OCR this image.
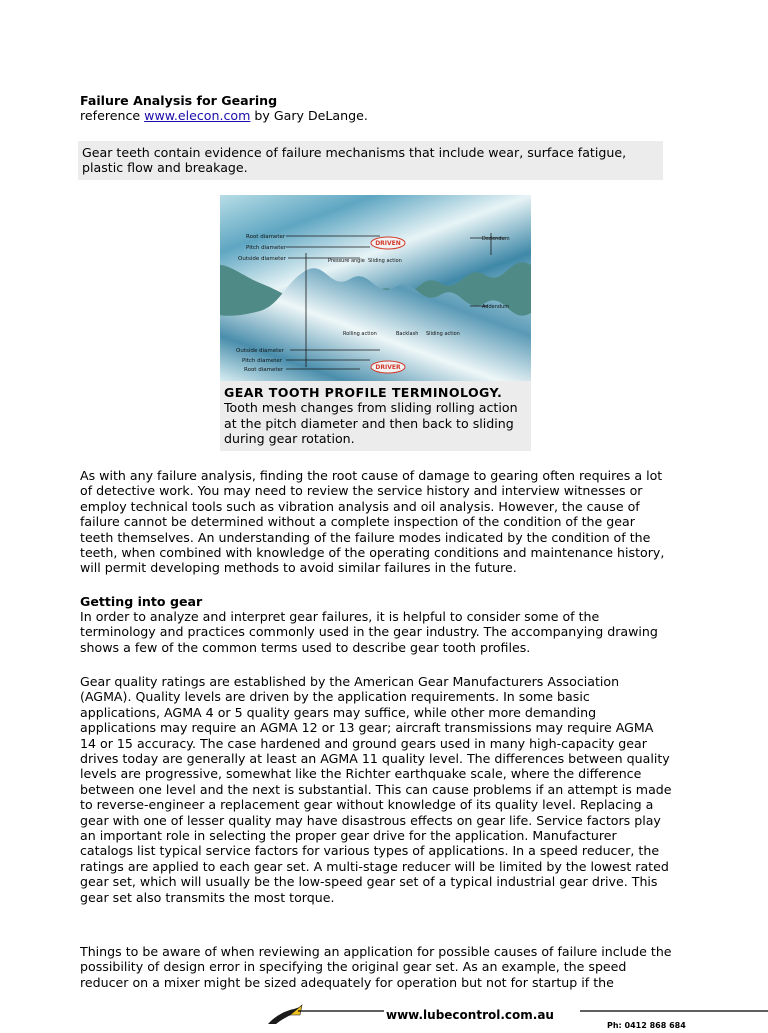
Failure Analysis for Gearing

reference www.elecon.com by Gary DeLange.

Gear teeth contain evidence of failure mechanisms that include wear, surface fatigue, plastic flow and breakage.
Root diameter
Pitch diameter
Outside diameter
DRIVEN
Pressure angle Sliding action
Dedendum
Addendum
Rolling action	Backlash Sliding action
DRIVER
Outside diameter
Pitch diameter
Root diameter
GEAR TOOTH PROFILE TERMINOLOGY.
Tooth mesh changes from sliding rolling action at the pitch diameter and then back to sliding during gear rotation.

As with any failure analysis, finding the root cause of damage to gearing often requires a lot of detective work. You may need to review the service history and interview witnesses or employ technical tools such as vibration analysis and oil analysis. However, the cause of failure cannot be determined without a complete inspection of the condition of the gear teeth themselves. An understanding of the failure modes indicated by the condition of the teeth, when combined with knowledge of the operating conditions and maintenance history, will permit developing methods to avoid similar failures in the future.

Getting into gear

In order to analyze and interpret gear failures, it is helpful to consider some of the terminology and practices commonly used in the gear industry. The accompanying drawing shows a few of the common terms used to describe gear tooth profiles.

Gear quality ratings are established by the American Gear Manufacturers Association (AGMA). Quality levels are driven by the application requirements. In some basic applications, AGMA 4 or 5 quality gears may suffice, while other more demanding applications may require an AGMA 12 or 13 gear; aircraft transmissions may require AGMA 14 or 15 accuracy. The case hardened and ground gears used in many high-capacity gear drives today are generally at least an AGMA 11 quality level. The differences between quality levels are progressive, somewhat like the Richter earthquake scale, where the difference between one level and the next is substantial. This can cause problems if an attempt is made to reverse-engineer a replacement gear without knowledge of its quality level. Replacing a gear with one of lesser quality may have disastrous effects on gear life. Service factors play an important role in selecting the proper gear drive for the application. Manufacturer catalogs list typical service factors for various types of applications. In a speed reducer, the ratings are applied to each gear set. A multi-stage reducer will be limited by the lowest rated gear set, which will usually be the low-speed gear set of a typical industrial gear drive. This gear set also transmits the most torque.

Things to be aware of when reviewing an application for possible causes of failure include the possibility of design error in specifying the original gear set. As an example, the speed reducer on a mixer might be sized adequately for operation but not for startup if the

www.lubecontrol.com.au
Ph: 0412 868 684
